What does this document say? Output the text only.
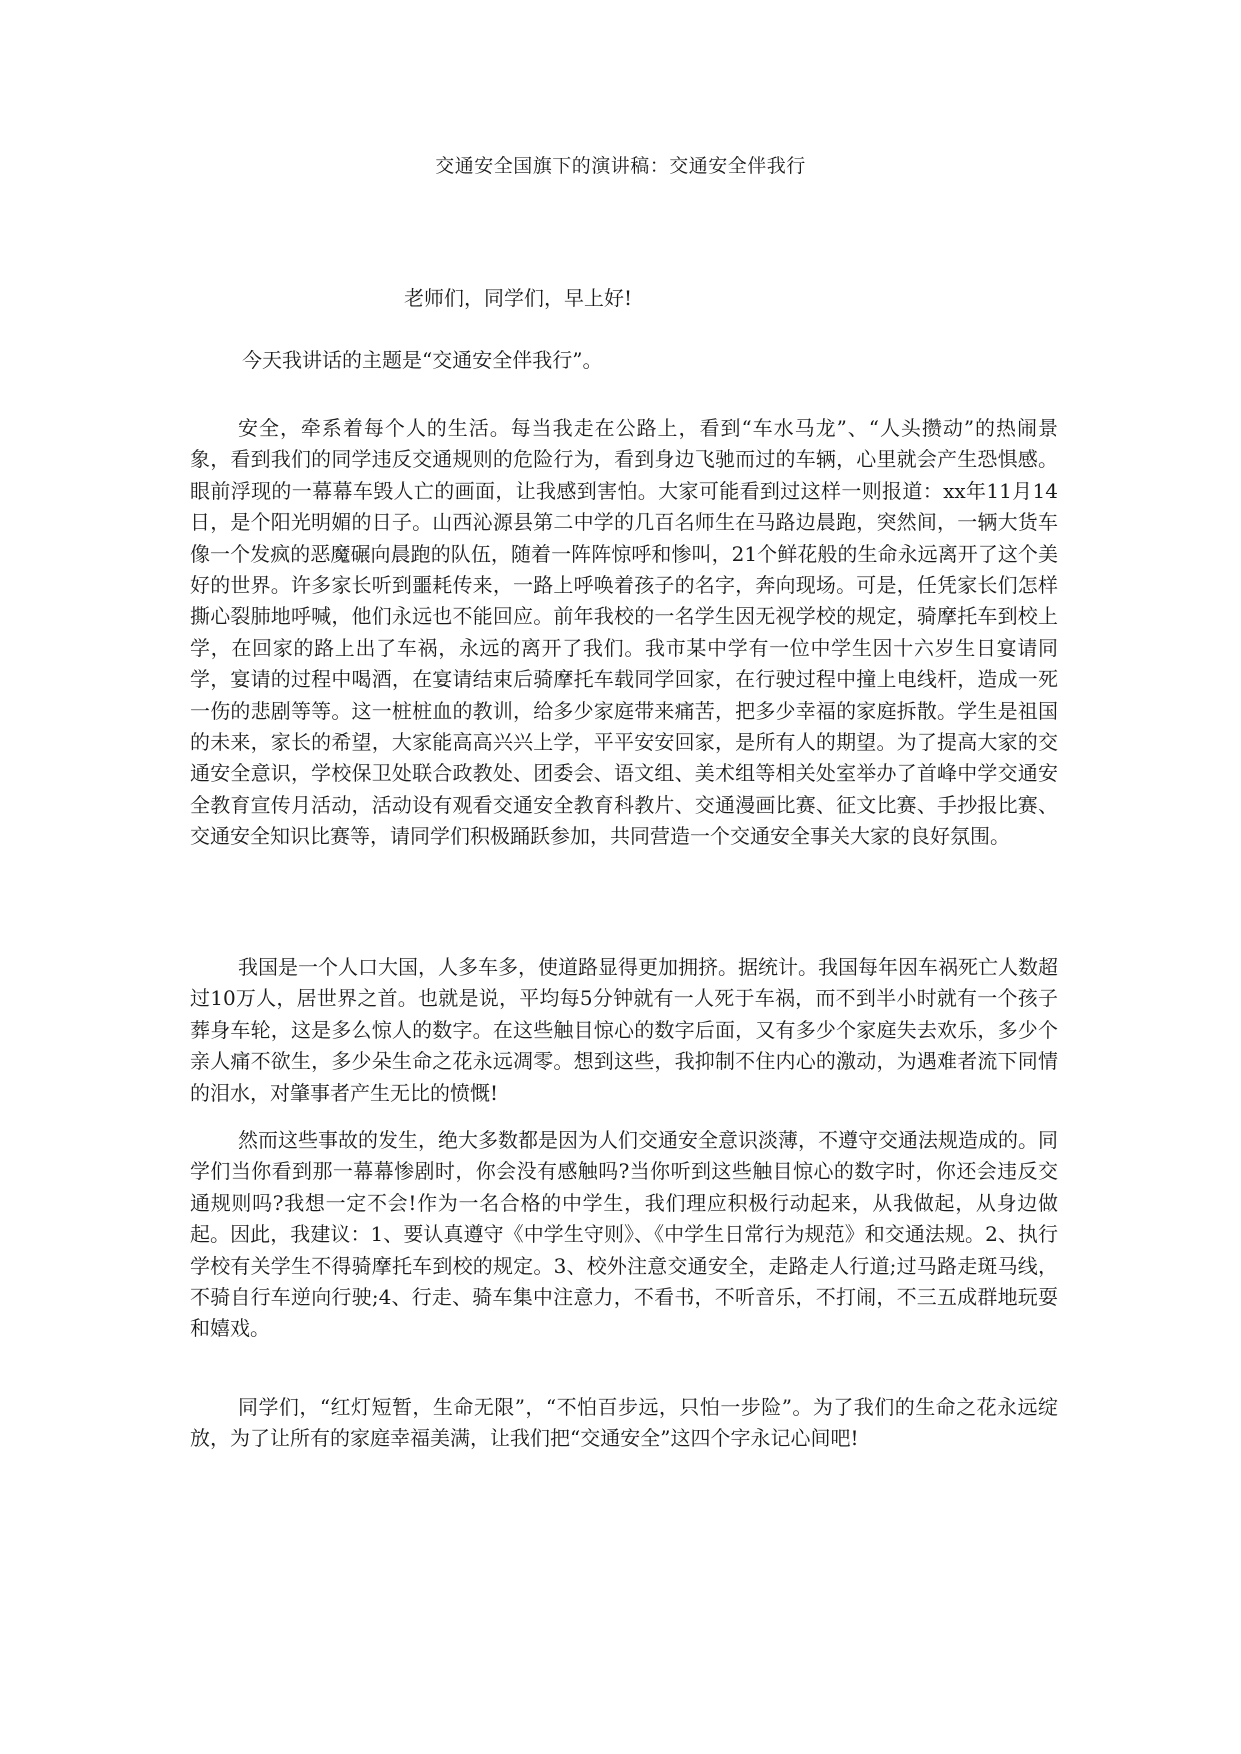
交通安全国旗下的演讲稿：交通安全伴我行
老师们，同学们，早上好!

今天我讲话的主题是“交通安全伴我行”。

安全，牵系着每个人的生活。每当我走在公路上，看到“车水马龙”、“人头攒动”的热闹景象，看到我们的同学违反交通规则的危险行为，看到身边飞驰而过的车辆，心里就会产生恐惧感。眼前浮现的一幕幕车毁人亡的画面，让我感到害怕。大家可能看到过这样一则报道：xx年11月14日，是个阳光明媚的日子。山西沁源县第二中学的几百名师生在马路边晨跑，突然间，一辆大货车像一个发疯的恶魔碾向晨跑的队伍，随着一阵阵惊呼和惨叫，21个鲜花般的生命永远离开了这个美好的世界。许多家长听到噩耗传来，一路上呼唤着孩子的名字，奔向现场。可是，任凭家长们怎样撕心裂肺地呼喊，他们永远也不能回应。前年我校的一名学生因无视学校的规定，骑摩托车到校上学，在回家的路上出了车祸，永远的离开了我们。我市某中学有一位中学生因十六岁生日宴请同学，宴请的过程中喝酒，在宴请结束后骑摩托车载同学回家，在行驶过程中撞上电线杆，造成一死一伤的悲剧等等。这一桩桩血的教训，给多少家庭带来痛苦，把多少幸福的家庭拆散。学生是祖国的未来，家长的希望，大家能高高兴兴上学，平平安安回家，是所有人的期望。为了提高大家的交通安全意识，学校保卫处联合政教处、团委会、语文组、美术组等相关处室举办了首峰中学交通安全教育宣传月活动，活动设有观看交通安全教育科教片、交通漫画比赛、征文比赛、手抄报比赛、交通安全知识比赛等，请同学们积极踊跃参加，共同营造一个交通安全事关大家的良好氛围。

我国是一个人口大国，人多车多，使道路显得更加拥挤。据统计。我国每年因车祸死亡人数超过10万人，居世界之首。也就是说，平均每5分钟就有一人死于车祸，而不到半小时就有一个孩子葬身车轮，这是多么惊人的数字。在这些触目惊心的数字后面，又有多少个家庭失去欢乐，多少个亲人痛不欲生，多少朵生命之花永远凋零。想到这些，我抑制不住内心的激动，为遇难者流下同情的泪水，对肇事者产生无比的愤慨!

然而这些事故的发生，绝大多数都是因为人们交通安全意识淡薄，不遵守交通法规造成的。同学们当你看到那一幕幕惨剧时，你会没有感触吗?当你听到这些触目惊心的数字时，你还会违反交通规则吗?我想一定不会!作为一名合格的中学生，我们理应积极行动起来，从我做起，从身边做起。因此，我建议：1、要认真遵守《中学生守则》、《中学生日常行为规范》和交通法规。2、执行学校有关学生不得骑摩托车到校的规定。3、校外注意交通安全，走路走人行道;过马路走斑马线，不骑自行车逆向行驶;4、行走、骑车集中注意力，不看书，不听音乐，不打闹，不三五成群地玩耍和嬉戏。

同学们，“红灯短暂，生命无限”，“不怕百步远，只怕一步险”。为了我们的生命之花永远绽放，为了让所有的家庭幸福美满，让我们把“交通安全”这四个字永记心间吧!
